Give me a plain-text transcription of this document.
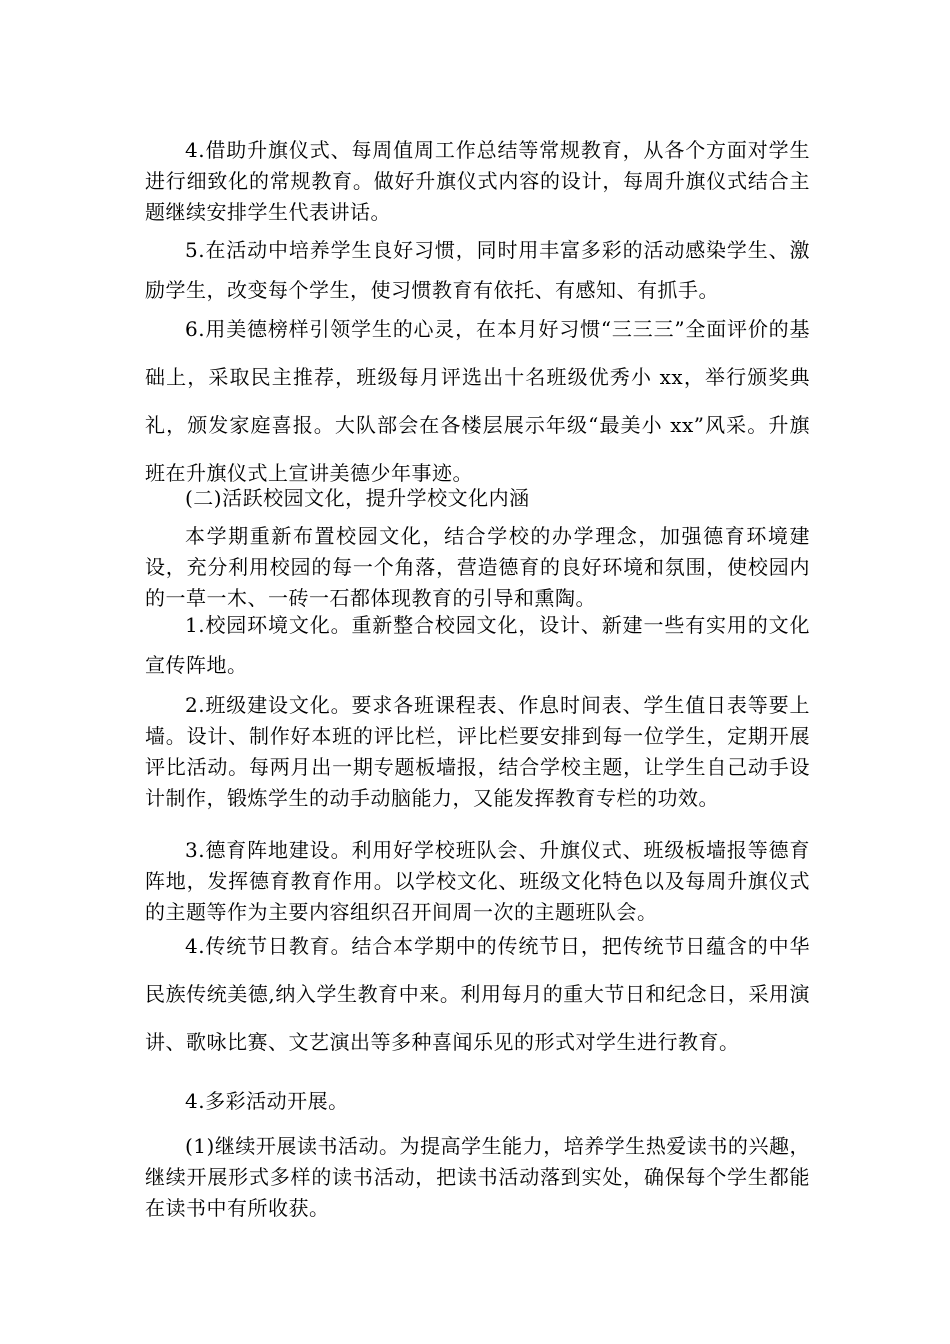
4.借助升旗仪式、每周值周工作总结等常规教育，从各个方面对学生进行细致化的常规教育。做好升旗仪式内容的设计，每周升旗仪式结合主题继续安排学生代表讲话。

5.在活动中培养学生良好习惯，同时用丰富多彩的活动感染学生、激励学生，改变每个学生，使习惯教育有依托、有感知、有抓手。

6.用美德榜样引领学生的心灵，在本月好习惯“三三三”全面评价的基础上，采取民主推荐，班级每月评选出十名班级优秀小 xx，举行颁奖典礼，颁发家庭喜报。大队部会在各楼层展示年级“最美小 xx”风采。升旗班在升旗仪式上宣讲美德少年事迹。

(二)活跃校园文化，提升学校文化内涵

本学期重新布置校园文化，结合学校的办学理念，加强德育环境建设，充分利用校园的每一个角落，营造德育的良好环境和氛围，使校园内的一草一木、一砖一石都体现教育的引导和熏陶。

1.校园环境文化。重新整合校园文化，设计、新建一些有实用的文化宣传阵地。

2.班级建设文化。要求各班课程表、作息时间表、学生值日表等要上墙。设计、制作好本班的评比栏，评比栏要安排到每一位学生，定期开展评比活动。每两月出一期专题板墙报，结合学校主题，让学生自己动手设计制作，锻炼学生的动手动脑能力，又能发挥教育专栏的功效。

3.德育阵地建设。利用好学校班队会、升旗仪式、班级板墙报等德育阵地，发挥德育教育作用。以学校文化、班级文化特色以及每周升旗仪式的主题等作为主要内容组织召开间周一次的主题班队会。

4.传统节日教育。结合本学期中的传统节日，把传统节日蕴含的中华民族传统美德,纳入学生教育中来。利用每月的重大节日和纪念日，采用演讲、歌咏比赛、文艺演出等多种喜闻乐见的形式对学生进行教育。

4.多彩活动开展。

(1)继续开展读书活动。为提高学生能力，培养学生热爱读书的兴趣，继续开展形式多样的读书活动，把读书活动落到实处，确保每个学生都能在读书中有所收获。
